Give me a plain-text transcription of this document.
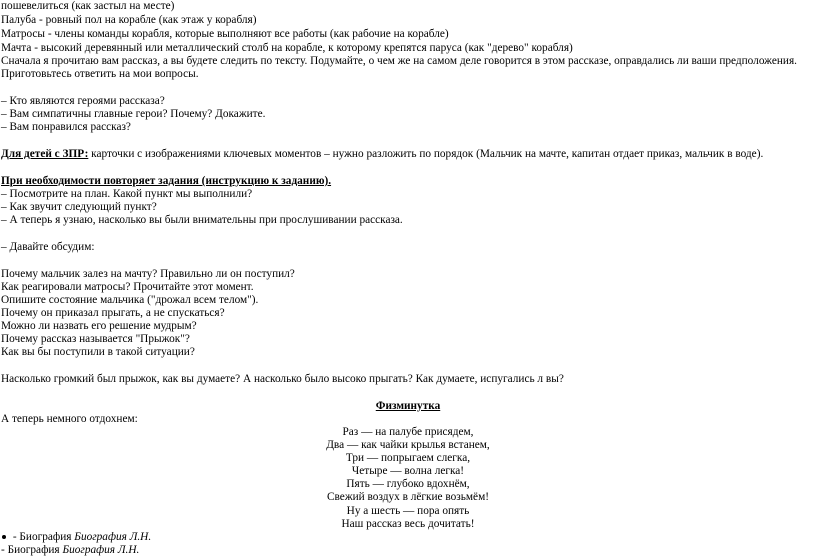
пошевелиться (как застыл на месте)
Палуба - ровный пол на корабле (как этаж у корабля)
Матросы - члены команды корабля, которые выполняют все работы (как рабочие на корабле)
Мачта - высокий деревянный или металлический столб на корабле, к которому крепятся паруса (как "дерево" корабля)
Сначала я прочитаю вам рассказ, а вы будете следить по тексту. Подумайте, о чем же на самом деле говорится в этом рассказе, оправдались ли ваши предположения.
Приготовьтесь ответить на мои вопросы.
– Кто являются героями рассказа?
– Вам симпатичны главные герои? Почему? Докажите.
– Вам понравился рассказ?
Для детей с ЗПР: карточки с изображениями ключевых моментов – нужно разложить по порядок (Мальчик на мачте, капитан отдает приказ, мальчик в воде).
При необходимости повторяет задания (инструкцию к заданию).
– Посмотрите на план. Какой пункт мы выполнили?
– Как звучит следующий пункт?
– А теперь я узнаю, насколько вы были внимательны при прослушивании рассказа.
– Давайте обсудим:
Почему мальчик залез на мачту? Правильно ли он поступил?
Как реагировали матросы? Прочитайте этот момент.
Опишите состояние мальчика ("дрожал всем телом").
Почему он приказал прыгать, а не спускаться?
Можно ли назвать его решение мудрым?
Почему рассказ называется "Прыжок"?
Как вы бы поступили в такой ситуации?
Насколько громкий был прыжок, как вы думаете? А насколько было высоко прыгать? Как думаете, испугались л вы?
Физминутка
А теперь немного отдохнем:
Раз — на палубе присядем,
Два — как чайки крылья встанем,
Три — попрыгаем слегка,
Четыре — волна легка!
Пять — глубоко вдохнём,
Свежий воздух в лёгкие возьмём!
Ну а шесть — пора опять
Наш рассказ весь дочитать!
- Биография Биография Л.Н.
- Биография Биография Л.Н.
